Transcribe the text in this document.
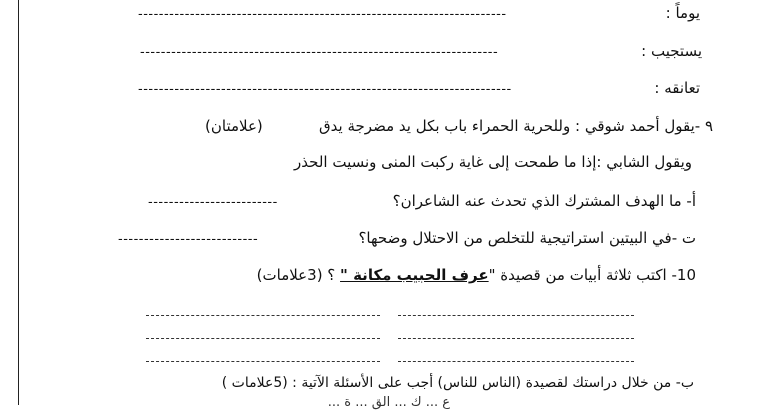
يوماً :
-----------------------------------------------------------------------
يستجيب :
---------------------------------------------------------------------
تعانقه :
------------------------------------------------------------------------
٩ -يقول أحمد شوقي : وللحرية الحمراء باب بكل يد مضرجة يدق
(علامتان)
ويقول الشابي :إذا ما طمحت إلى غاية ركبت المنى ونسيت الحذر
أ- ما الهدف المشترك الذي تحدث عنه الشاعران؟
-------------------------
ت -في البيتين استراتيجية للتخلص من الاحتلال وضحها؟
---------------------------
10- اكتب ثلاثة أبيات من قصيدة "عرف الحبيب مكانة " ؟ (3علامات)
ب- من خلال دراستك لقصيدة (الناس للناس) أجب على الأسئلة الآتية : (5علامات )
ع ... ك ... الق ... ة ...
